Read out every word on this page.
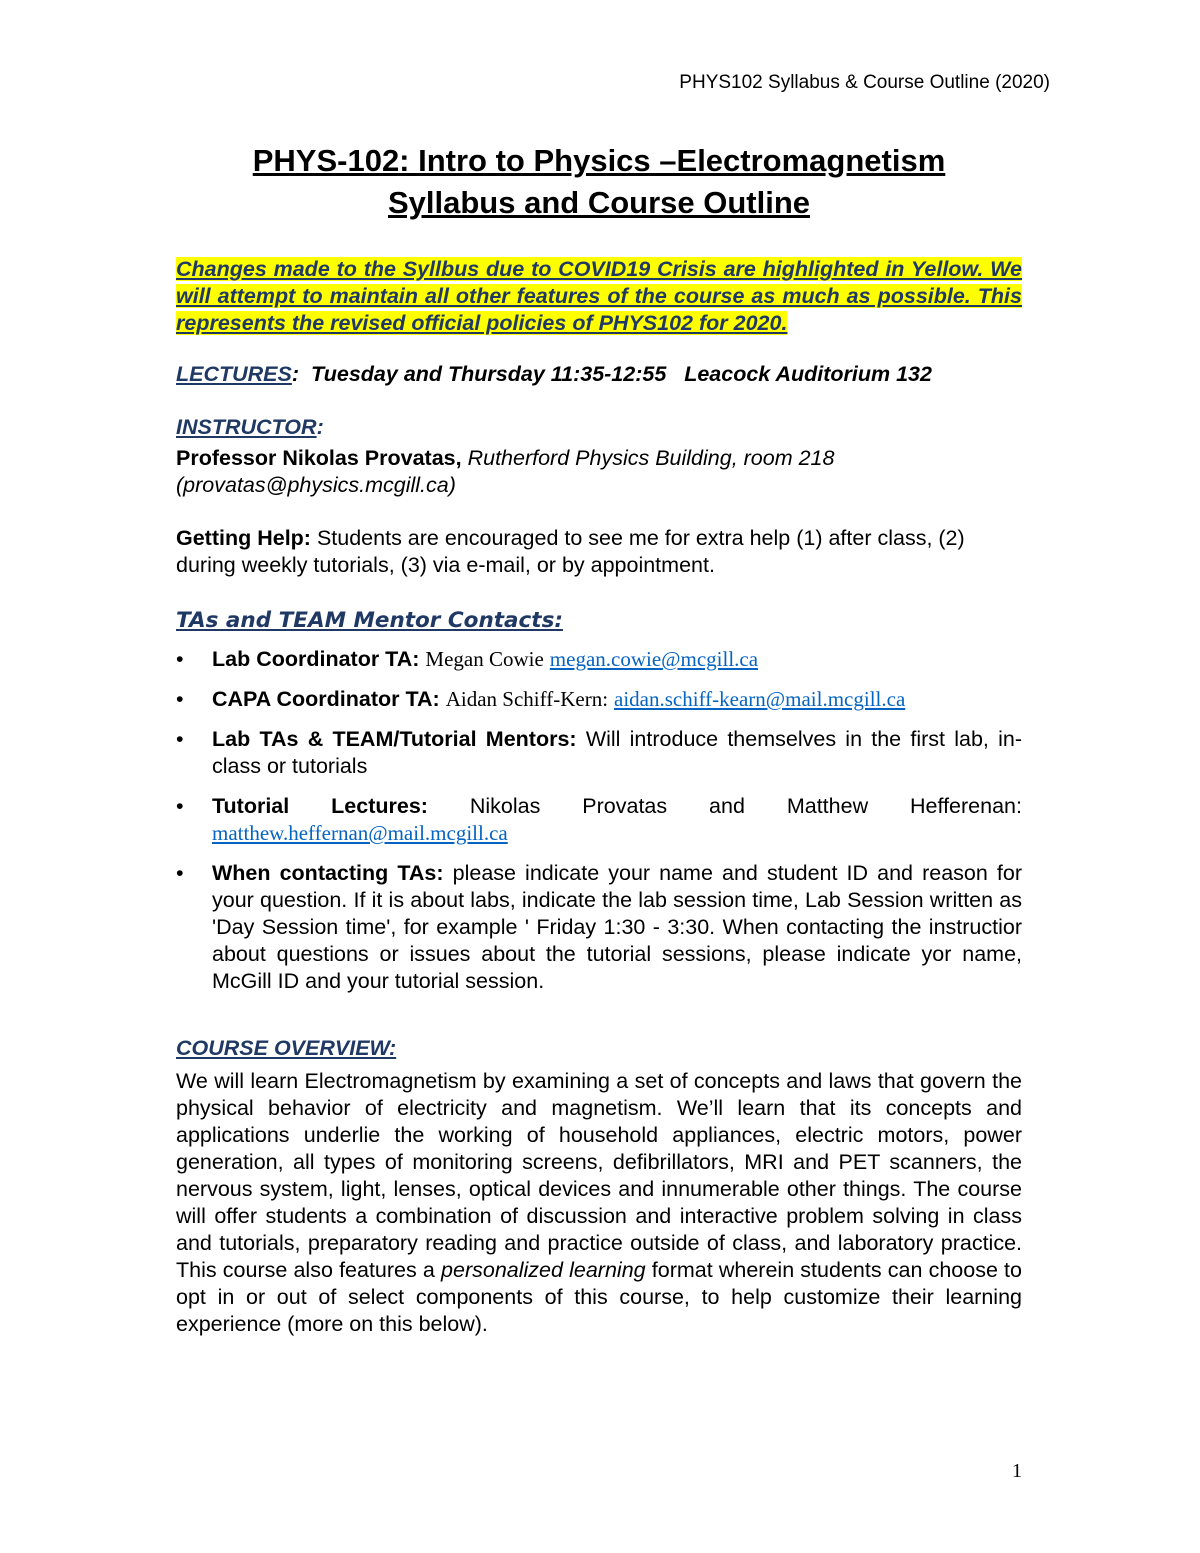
PHYS102 Syllabus & Course Outline (2020)
PHYS-102: Intro to Physics –Electromagnetism
Syllabus and Course Outline
Changes made to the Syllbus due to COVID19 Crisis are highlighted in Yellow. We will attempt to maintain all other features of the course as much as possible. This represents the revised official policies of PHYS102 for 2020.

LECTURES: Tuesday and Thursday 11:35-12:55   Leacock Auditorium 132

INSTRUCTOR:

Professor Nikolas Provatas, Rutherford Physics Building, room 218
(provatas@physics.mcgill.ca)

Getting Help: Students are encouraged to see me for extra help (1) after class, (2) during weekly tutorials, (3) via e-mail, or by appointment.

TAs and TEAM Mentor Contacts:
• Lab Coordinator TA: Megan Cowie megan.cowie@mcgill.ca
• CAPA Coordinator TA: Aidan Schiff-Kern: aidan.schiff-kearn@mail.mcgill.ca
• Lab TAs & TEAM/Tutorial Mentors: Will introduce themselves in the first lab, in-class or tutorials
• Tutorial Lectures: Nikolas Provatas and Matthew Hefferenan: matthew.heffernan@mail.mcgill.ca
• When contacting TAs: please indicate your name and student ID and reason for your question. If it is about labs, indicate the lab session time, Lab Session written as 'Day Session time', for example ' Friday 1:30 - 3:30. When contacting the instructior about questions or issues about the tutorial sessions, please indicate yor name, McGill ID and your tutorial session.

COURSE OVERVIEW:

We will learn Electromagnetism by examining a set of concepts and laws that govern the physical behavior of electricity and magnetism. We’ll learn that its concepts and applications underlie the working of household appliances, electric motors, power generation, all types of monitoring screens, defibrillators, MRI and PET scanners, the nervous system, light, lenses, optical devices and innumerable other things. The course will offer students a combination of discussion and interactive problem solving in class and tutorials, preparatory reading and practice outside of class, and laboratory practice. This course also features a personalized learning format wherein students can choose to opt in or out of select components of this course, to help customize their learning experience (more on this below).

1
